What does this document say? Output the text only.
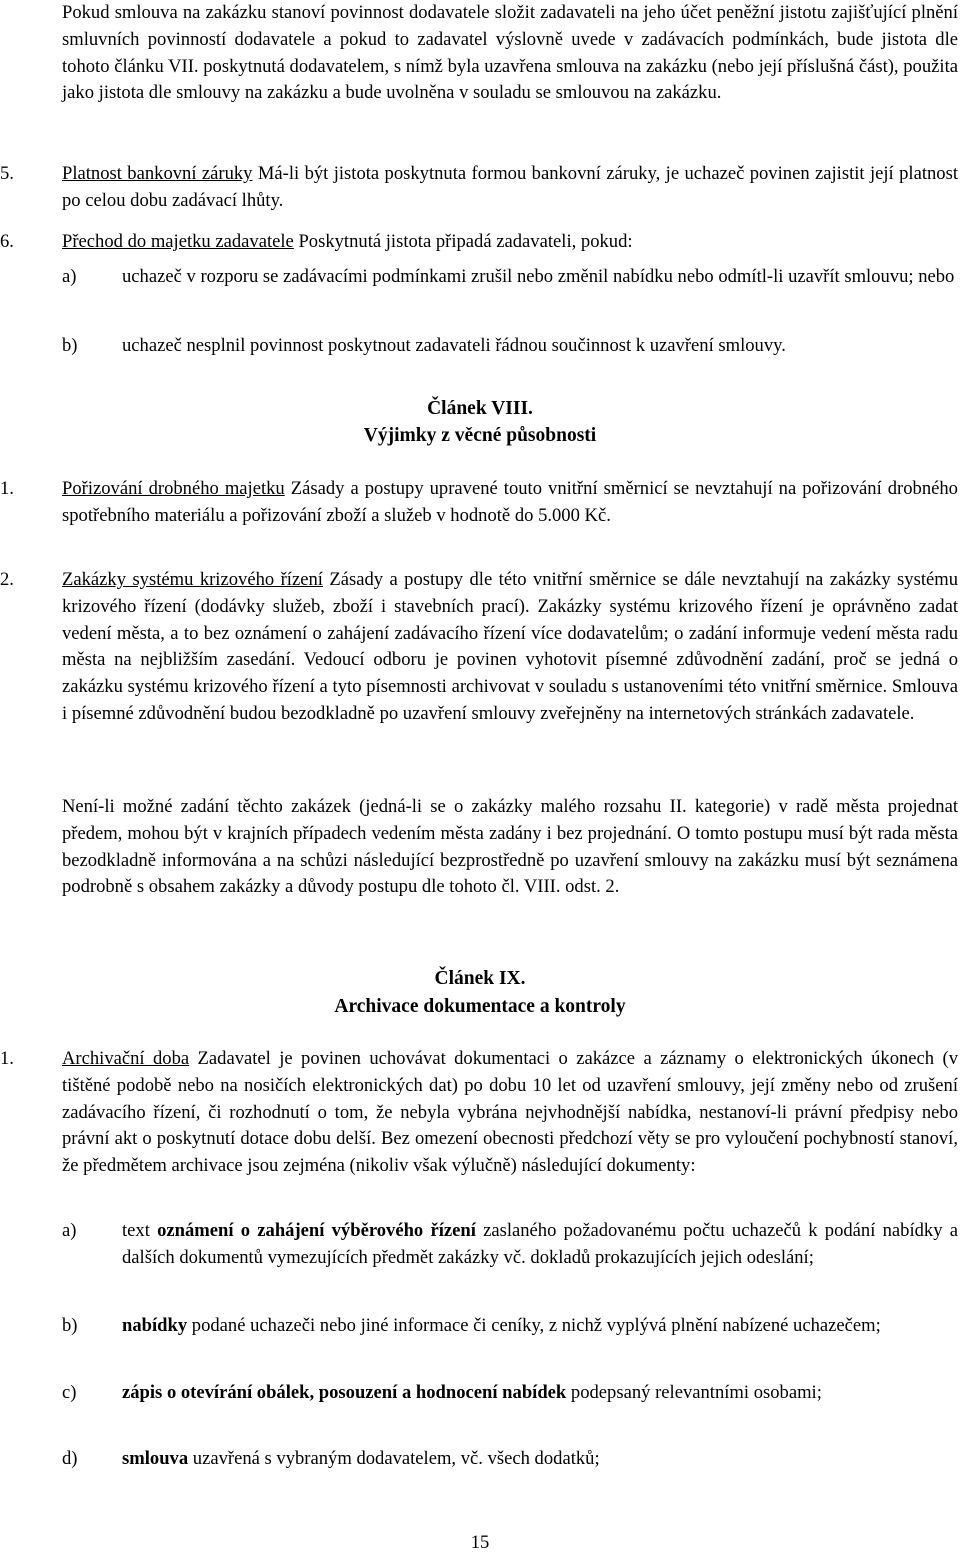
Pokud smlouva na zakázku stanoví povinnost dodavatele složit zadavateli na jeho účet peněžní jistotu zajišťující plnění smluvních povinností dodavatele a pokud to zadavatel výslovně uvede v zadávacích podmínkách, bude jistota dle tohoto článku VII. poskytnutá dodavatelem, s nímž byla uzavřena smlouva na zakázku (nebo její příslušná část), použita jako jistota dle smlouvy na zakázku a bude uvolněna v souladu se smlouvou na zakázku.

5.	Platnost bankovní záruky Má-li být jistota poskytnuta formou bankovní záruky, je uchazeč povinen zajistit její platnost po celou dobu zadávací lhůty.

6.	Přechod do majetku zadavatele Poskytnutá jistota připadá zadavateli, pokud:

a) uchazeč v rozporu se zadávacími podmínkami zrušil nebo změnil nabídku nebo odmítl-li uzavřít smlouvu; nebo

b) uchazeč nesplnil povinnost poskytnout zadavateli řádnou součinnost k uzavření smlouvy.

Článek VIII.
Výjimky z věcné působnosti
1.	Pořizování drobného majetku Zásady a postupy upravené touto vnitřní směrnicí se nevztahují na pořizování drobného spotřebního materiálu a pořizování zboží a služeb v hodnotě do 5.000 Kč.

2.	Zakázky systému krizového řízení Zásady a postupy dle této vnitřní směrnice se dále nevztahují na zakázky systému krizového řízení (dodávky služeb, zboží i stavebních prací). Zakázky systému krizového řízení je oprávněno zadat vedení města, a to bez oznámení o zahájení zadávacího řízení více dodavatelům; o zadání informuje vedení města radu města na nejbližším zasedání. Vedoucí odboru je povinen vyhotovit písemné zdůvodnění zadání, proč se jedná o zakázku systému krizového řízení a tyto písemnosti archivovat v souladu s ustanoveními této vnitřní směrnice. Smlouva i písemné zdůvodnění budou bezodkladně po uzavření smlouvy zveřejněny na internetových stránkách zadavatele.

Není-li možné zadání těchto zakázek (jedná-li se o zakázky malého rozsahu II. kategorie) v radě města projednat předem, mohou být v krajních případech vedením města zadány i bez projednání. O tomto postupu musí být rada města bezodkladně informována a na schůzi následující bezprostředně po uzavření smlouvy na zakázku musí být seznámena podrobně s obsahem zakázky a důvody postupu dle tohoto čl. VIII. odst. 2.

Článek IX.
Archivace dokumentace a kontroly
1.	Archivační doba Zadavatel je povinen uchovávat dokumentaci o zakázce a záznamy o elektronických úkonech (v tištěné podobě nebo na nosičích elektronických dat) po dobu 10 let od uzavření smlouvy, její změny nebo od zrušení zadávacího řízení, či rozhodnutí o tom, že nebyla vybrána nejvhodnější nabídka, nestanoví-li právní předpisy nebo právní akt o poskytnutí dotace dobu delší. Bez omezení obecnosti předchozí věty se pro vyloučení pochybností stanoví, že předmětem archivace jsou zejména (nikoliv však výlučně) následující dokumenty:

a) text oznámení o zahájení výběrového řízení zaslaného požadovanému počtu uchazečů k podání nabídky a dalších dokumentů vymezujících předmět zakázky vč. dokladů prokazujících jejich odeslání;

b) nabídky podané uchazeči nebo jiné informace či ceníky, z nichž vyplývá plnění nabízené uchazečem;

c) zápis o otevírání obálek, posouzení a hodnocení nabídek podepsaný relevantními osobami;

d) smlouva uzavřená s vybraným dodavatelem, vč. všech dodatků;

15
